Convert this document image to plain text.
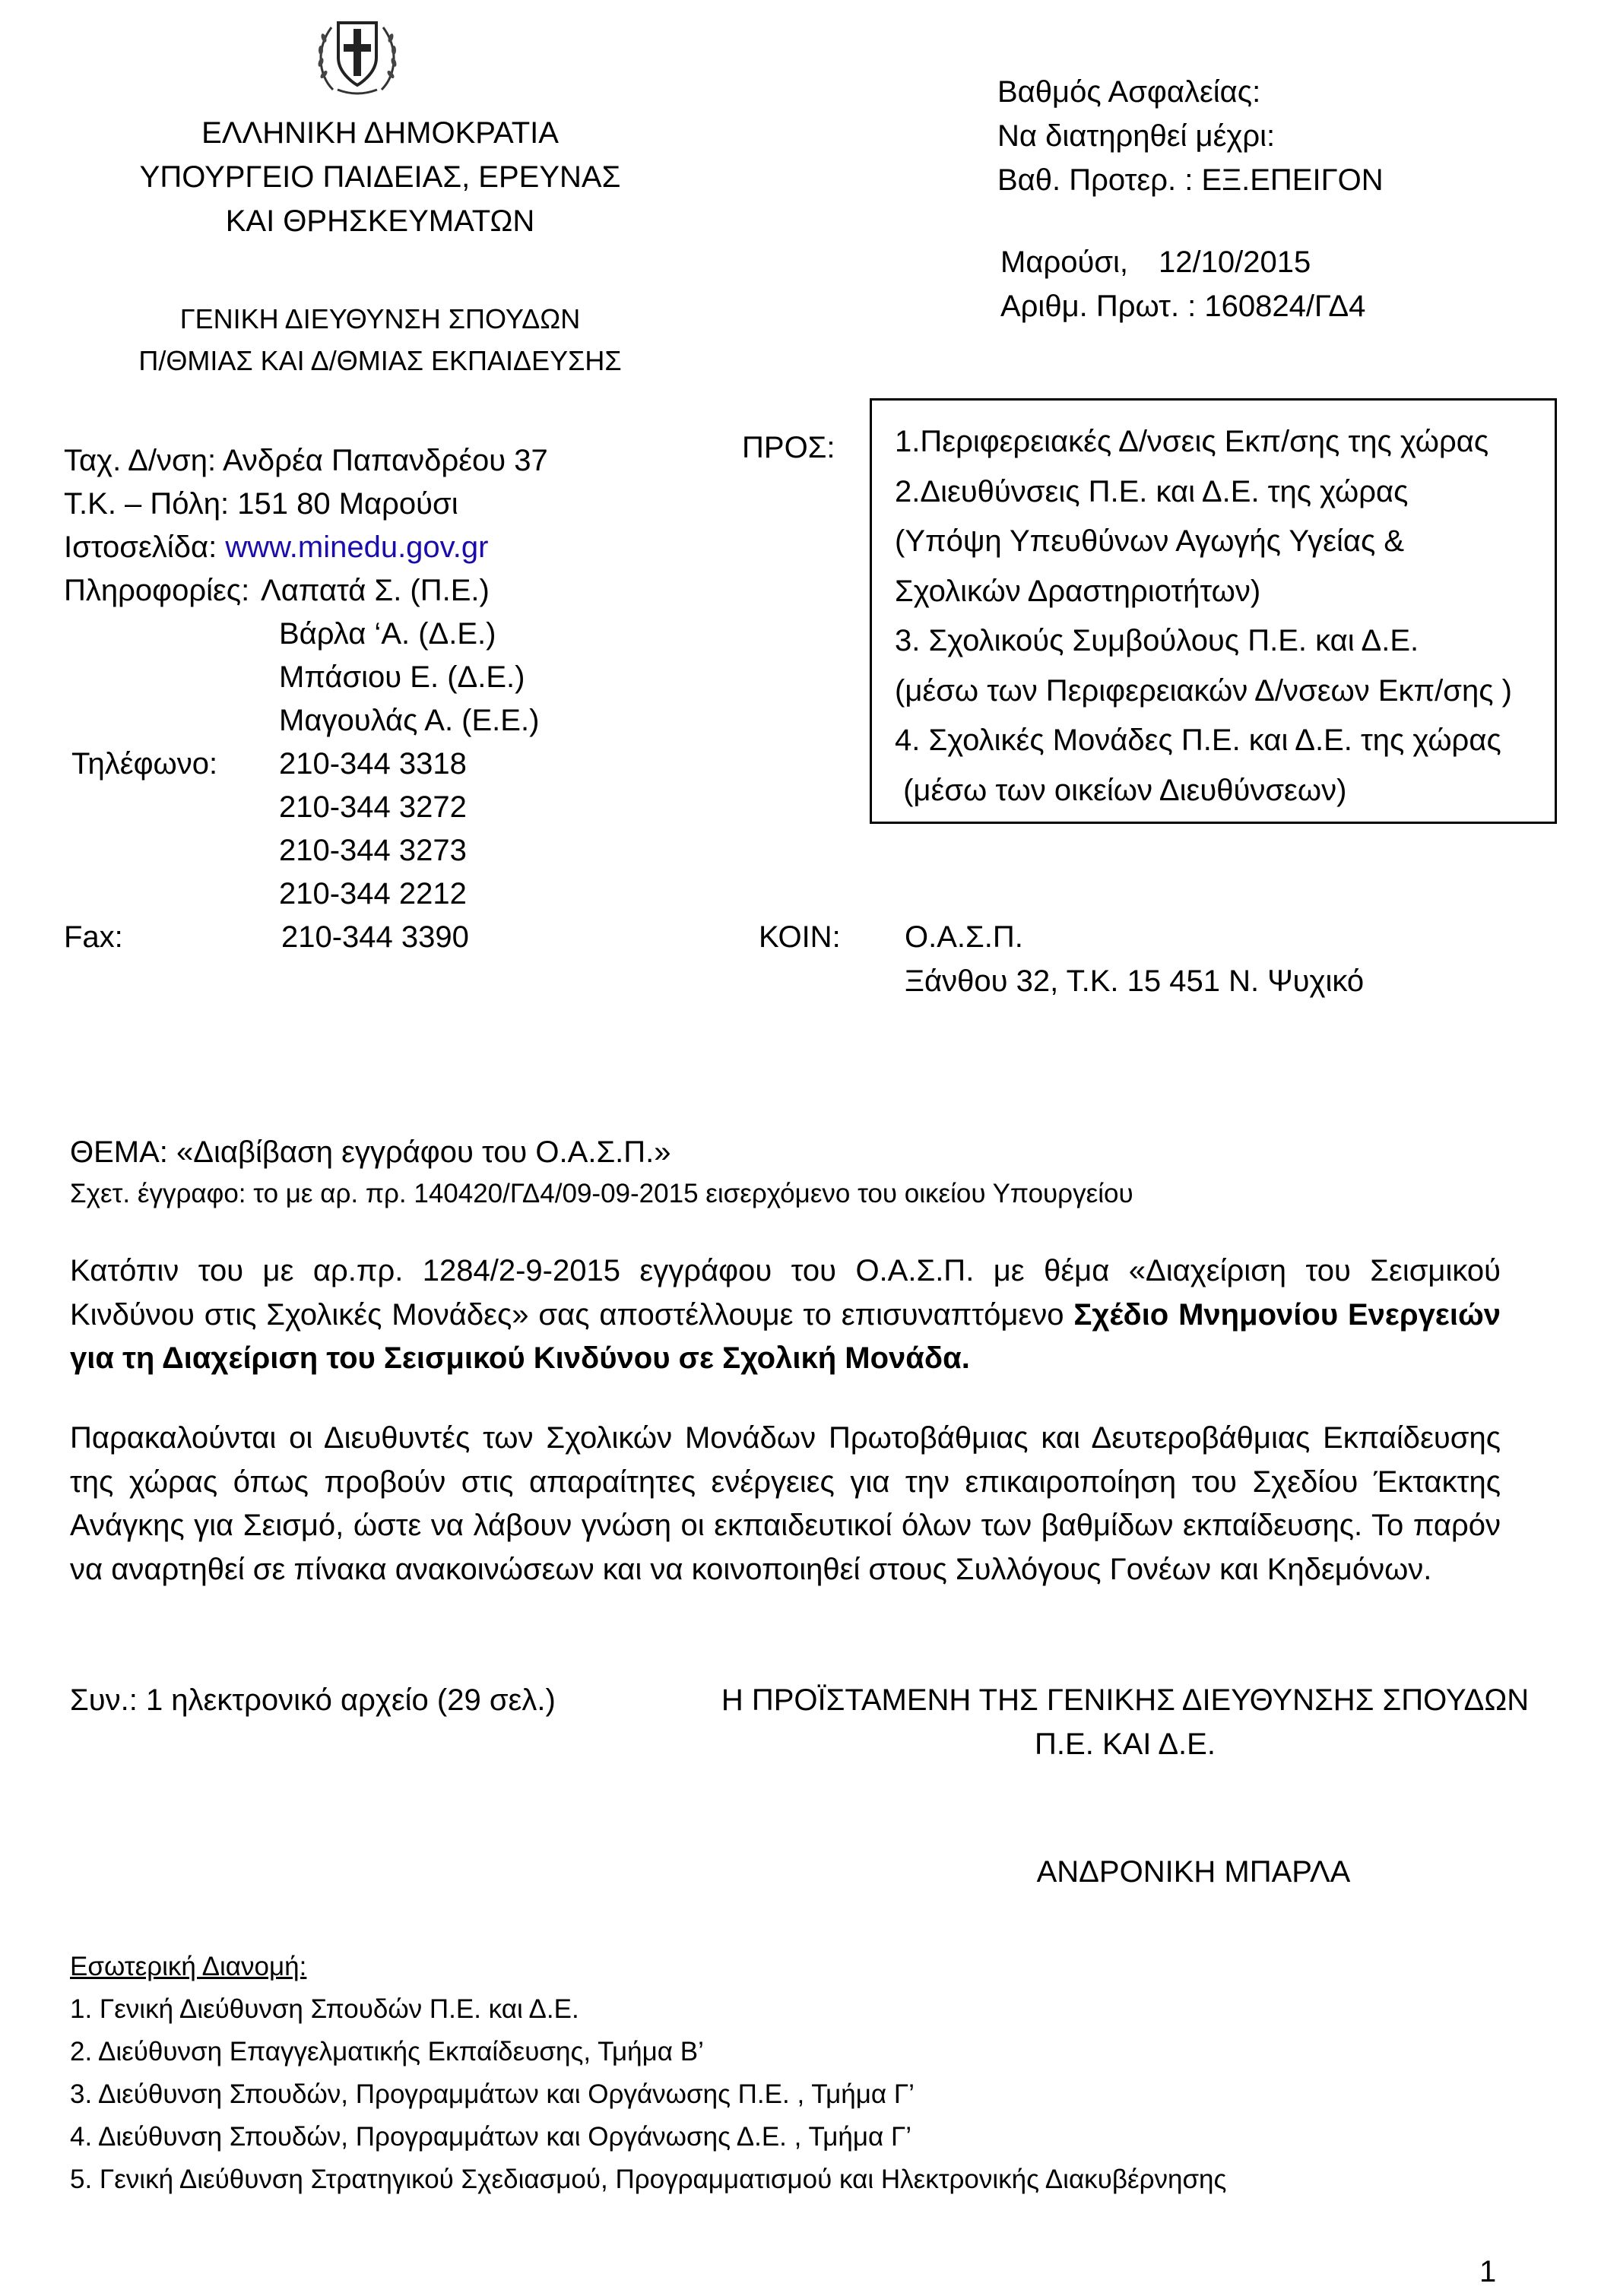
ΕΛΛΗΝΙΚΗ ΔΗΜΟΚΡΑΤΙΑ
ΥΠΟΥΡΓΕΙΟ ΠΑΙΔΕΙΑΣ, ΕΡΕΥΝΑΣ
ΚΑΙ ΘΡΗΣΚΕΥΜΑΤΩΝ
ΓΕΝΙΚΗ ΔΙΕΥΘΥΝΣΗ ΣΠΟΥΔΩΝ
Π/ΘΜΙΑΣ ΚΑΙ Δ/ΘΜΙΑΣ ΕΚΠΑΙΔΕΥΣΗΣ
Βαθμός Ασφαλείας:
Να διατηρηθεί μέχρι:
Βαθ. Προτερ. : ΕΞ.ΕΠΕΙΓΟΝ
Μαρούσι, 12/10/2015
Αριθμ. Πρωτ. : 160824/ΓΔ4
Ταχ. Δ/νση: Ανδρέα Παπανδρέου 37
Τ.Κ. – Πόλη: 151 80 Μαρούσι
Ιστοσελίδα: www.minedu.gov.gr
Πληροφορίες: Λαπατά Σ. (Π.Ε.)
Βάρλα ‘Α. (Δ.Ε.)
Μπάσιου Ε. (Δ.Ε.)
Μαγουλάς Α. (Ε.Ε.)
Τηλέφωνο: 210-344 3318
210-344 3272
210-344 3273
210-344 2212
Fax:	210-344 3390
ΠΡΟΣ: 1.Περιφερειακές Δ/νσεις Εκπ/σης της χώρας
2.Διευθύνσεις Π.Ε. και Δ.Ε. της χώρας
(Υπόψη Υπευθύνων Αγωγής Υγείας &
Σχολικών Δραστηριοτήτων)
3. Σχολικούς Συμβούλους Π.Ε. και Δ.Ε.
(μέσω των Περιφερειακών Δ/νσεων Εκπ/σης )
4. Σχολικές Μονάδες Π.Ε. και Δ.Ε. της χώρας
(μέσω των οικείων Διευθύνσεων)
ΚΟΙΝ: Ο.Α.Σ.Π.
Ξάνθου 32, Τ.Κ. 15 451 Ν. Ψυχικό
ΘΕΜΑ: «Διαβίβαση εγγράφου του Ο.Α.Σ.Π.»
Σχετ. έγγραφο: το με αρ. πρ. 140420/ΓΔ4/09-09-2015 εισερχόμενο του οικείου Υπουργείου
Κατόπιν του με αρ.πρ. 1284/2-9-2015 εγγράφου του Ο.Α.Σ.Π. με θέμα «Διαχείριση του Σεισμικού Κινδύνου στις Σχολικές Μονάδες» σας αποστέλλουμε το επισυναπτόμενο Σχέδιο Μνημονίου Ενεργειών για τη Διαχείριση του Σεισμικού Κινδύνου σε Σχολική Μονάδα.
Παρακαλούνται οι Διευθυντές των Σχολικών Μονάδων Πρωτοβάθμιας και Δευτεροβάθμιας Εκπαίδευσης της χώρας όπως προβούν στις απαραίτητες ενέργειες για την επικαιροποίηση του Σχεδίου Έκτακτης Ανάγκης για Σεισμό, ώστε να λάβουν γνώση οι εκπαιδευτικοί όλων των βαθμίδων εκπαίδευσης. Το παρόν να αναρτηθεί σε πίνακα ανακοινώσεων και να κοινοποιηθεί στους Συλλόγους Γονέων και Κηδεμόνων.
Συν.: 1 ηλεκτρονικό αρχείο (29 σελ.)	Η ΠΡΟΪΣΤΑΜΕΝΗ ΤΗΣ ΓΕΝΙΚΗΣ ΔΙΕΥΘΥΝΣΗΣ ΣΠΟΥΔΩΝ
Π.Ε. ΚΑΙ Δ.Ε.
ΑΝΔΡΟΝΙΚΗ ΜΠΑΡΛΑ
Εσωτερική Διανομή:
1. Γενική Διεύθυνση Σπουδών Π.Ε. και Δ.Ε.
2. Διεύθυνση Επαγγελματικής Εκπαίδευσης, Τμήμα Β’
3. Διεύθυνση Σπουδών, Προγραμμάτων και Οργάνωσης Π.Ε. , Τμήμα Γ’
4. Διεύθυνση Σπουδών, Προγραμμάτων και Οργάνωσης Δ.Ε. , Τμήμα Γ’
5. Γενική Διεύθυνση Στρατηγικού Σχεδιασμού, Προγραμματισμού και Ηλεκτρονικής Διακυβέρνησης
1
